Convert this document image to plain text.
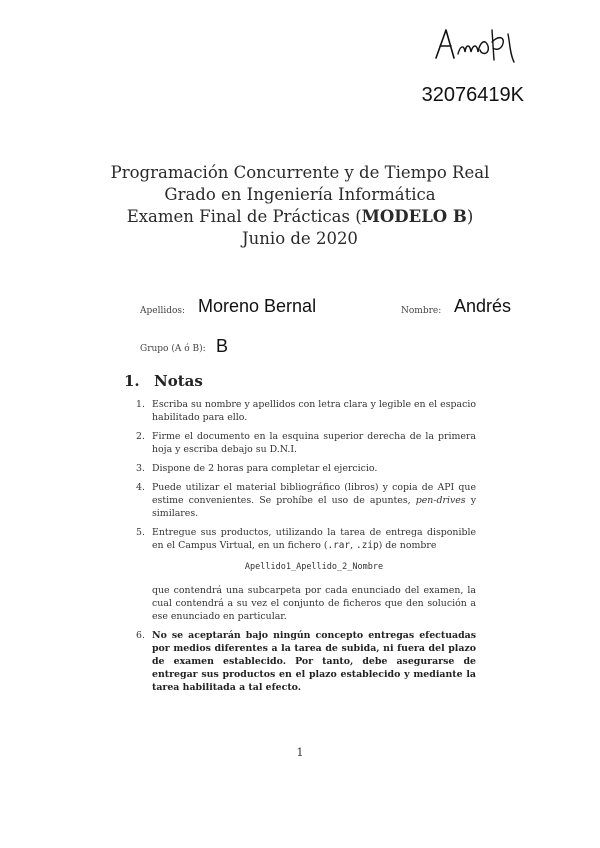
32076419K
Programación Concurrente y de Tiempo Real
Grado en Ingeniería Informática
Examen Final de Prácticas (MODELO B)
Junio de 2020
Apellidos: Moreno Bernal	Nombre: Andrés
Grupo (A ó B): B
1. Notas
1. Escriba su nombre y apellidos con letra clara y legible en el espacio habilitado para ello.
2. Firme el documento en la esquina superior derecha de la primera hoja y escriba debajo su D.N.I.
3. Dispone de 2 horas para completar el ejercicio.
4. Puede utilizar el material bibliográfico (libros) y copia de API que estime convenientes. Se prohíbe el uso de apuntes, pen-drives y similares.
5. Entregue sus productos, utilizando la tarea de entrega disponible en el Campus Virtual, en un fichero (.rar, .zip) de nombre
Apellido1_Apellido_2_Nombre
que contendrá una subcarpeta por cada enunciado del examen, la cual contendrá a su vez el conjunto de ficheros que den solución a ese enunciado en particular.
6. No se aceptarán bajo ningún concepto entregas efectuadas por medios diferentes a la tarea de subida, ni fuera del plazo de examen establecido. Por tanto, debe asegurarse de entregar sus productos en el plazo establecido y mediante la tarea habilitada a tal efecto.
1
